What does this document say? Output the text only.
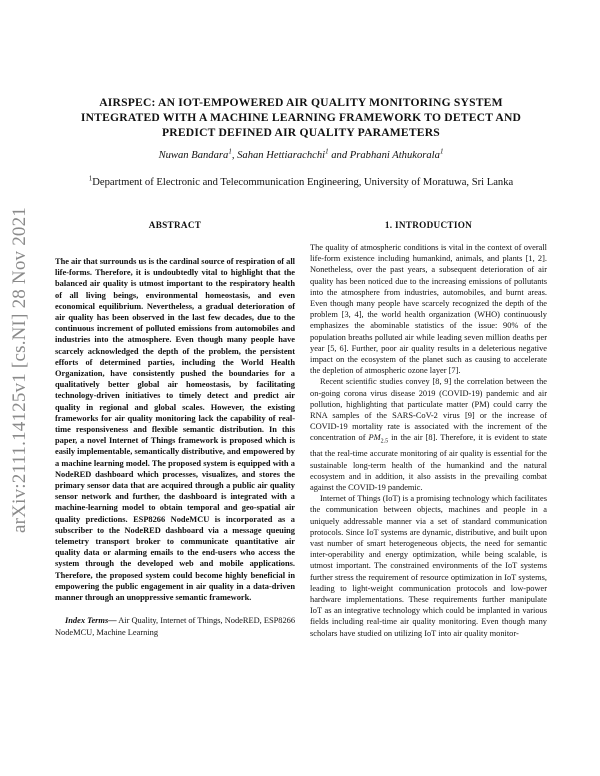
arXiv:2111.14125v1 [cs.NI] 28 Nov 2021
AIRSPEC: AN IOT-EMPOWERED AIR QUALITY MONITORING SYSTEM INTEGRATED WITH A MACHINE LEARNING FRAMEWORK TO DETECT AND PREDICT DEFINED AIR QUALITY PARAMETERS
Nuwan Bandara$^1$, Sahan Hettiarachchi$^1$ and Prabhani Athukorala$^1$
$^1$Department of Electronic and Telecommunication Engineering, University of Moratuwa, Sri Lanka
ABSTRACT

The air that surrounds us is the cardinal source of respiration of all life-forms. Therefore, it is undoubtedly vital to highlight that the balanced air quality is utmost important to the respiratory health of all living beings, environmental homeostasis, and even economical equilibrium. Nevertheless, a gradual deterioration of air quality has been observed in the last few decades, due to the continuous increment of polluted emissions from automobiles and industries into the atmosphere. Even though many people have scarcely acknowledged the depth of the problem, the persistent efforts of determined parties, including the World Health Organization, have consistently pushed the boundaries for a qualitatively better global air homeostasis, by facilitating technology-driven initiatives to timely detect and predict air quality in regional and global scales. However, the existing frameworks for air quality monitoring lack the capability of real-time responsiveness and flexible semantic distribution. In this paper, a novel Internet of Things framework is proposed which is easily implementable, semantically distributive, and empowered by a machine learning model. The proposed system is equipped with a NodeRED dashboard which processes, visualizes, and stores the primary sensor data that are acquired through a public air quality sensor network and further, the dashboard is integrated with a machine-learning model to obtain temporal and geo-spatial air quality predictions. ESP8266 NodeMCU is incorporated as a subscriber to the NodeRED dashboard via a message queuing telemetry transport broker to communicate quantitative air quality data or alarming emails to the end-users who access the system through the developed web and mobile applications. Therefore, the proposed system could become highly beneficial in empowering the public engagement in air quality in a data-driven manner through an unoppressive semantic framework.

Index Terms— Air Quality, Internet of Things, NodeRED, ESP8266 NodeMCU, Machine Learning

1. INTRODUCTION

The quality of atmospheric conditions is vital in the context of overall life-form existence including humankind, animals, and plants [1, 2]. Nonetheless, over the past years, a subsequent deterioration of air quality has been noticed due to the increasing emissions of pollutants into the atmosphere from industries, automobiles, and burnt areas. Even though many people have scarcely recognized the depth of the problem [3, 4], the world health organization (WHO) continuously emphasizes the abominable statistics of the issue: 90% of the population breaths polluted air while leading seven million deaths per year [5, 6]. Further, poor air quality results in a deleterious negative impact on the ecosystem of the planet such as causing to accelerate the depletion of atmospheric ozone layer [7].

Recent scientific studies convey [8, 9] the correlation between the on-going corona virus disease 2019 (COVID-19) pandemic and air pollution, highlighting that particulate matter (PM) could carry the RNA samples of the SARS-CoV-2 virus [9] or the increase of COVID-19 mortality rate is associated with the increment of the concentration of $PM_{2.5}$ in the air [8]. Therefore, it is evident to state that the real-time accurate monitoring of air quality is essential for the sustainable long-term health of the humankind and the natural ecosystem and in addition, it also assists in the prevailing combat against the COVID-19 pandemic.

Internet of Things (IoT) is a promising technology which facilitates the communication between objects, machines and people in a uniquely addressable manner via a set of standard communication protocols. Since IoT systems are dynamic, distributive, and built upon vast number of smart heterogeneous objects, the need for semantic inter-operability and energy optimization, while being scalable, is utmost important. The constrained environments of the IoT systems further stress the requirement of resource optimization in IoT systems, leading to light-weight communication protocols and low-power hardware implementations. These requirements further manipulate IoT as an integrative technology which could be implanted in various fields including real-time air quality monitoring. Even though many scholars have studied on utilizing IoT into air quality monitor-
